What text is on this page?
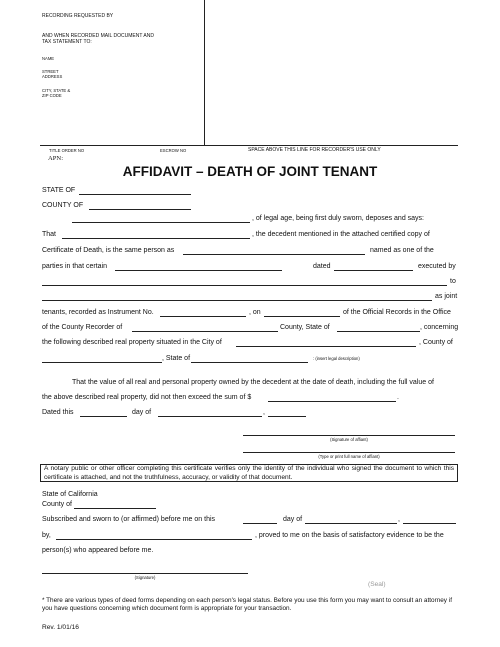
RECORDING REQUESTED BY
AND WHEN RECORDED MAIL DOCUMENT AND
TAX STATEMENT TO:
NAME
STREET
ADDRESS
CITY, STATE &
ZIP CODE
TITLE ORDER NO	ESCROW NO	SPACE ABOVE THIS LINE FOR RECORDER'S USE ONLY
APN:
AFFIDAVIT – DEATH OF JOINT TENANT
STATE OF
COUNTY OF
, of legal age, being first duly sworn, deposes and says:
That	, the decedent mentioned in the attached certified copy of
Certificate of Death, is the same person as	named as one of the
parties in that certain	dated	executed by
to
as joint
tenants, recorded as Instrument No.	, on	of the Official Records in the Office
of the County Recorder of	County, State of	, concerning
the following described real property situated in the City of	, County of
, State of	: (insert legal description)
That the value of all real and personal property owned by the decedent at the date of death, including the full value of
the above described real property, did not then exceed the sum of $	.
Dated this	day of	,
(Signature of affiant)
(Type or print full name of affiant)
A notary public or other officer completing this certificate verifies only the identity of the individual who signed the document to which this certificate is attached, and not the truthfulness, accuracy, or validity of that document.
State of California
County of
Subscribed and sworn to (or affirmed) before me on this	day of	,
by,	, proved to me on the basis of satisfactory evidence to be the
person(s) who appeared before me.
(Signature)
(Seal)
* There are various types of deed forms depending on each person's legal status. Before you use this form you may want to consult an attorney if you have questions concerning which document form is appropriate for your transaction.
Rev. 1/01/16
